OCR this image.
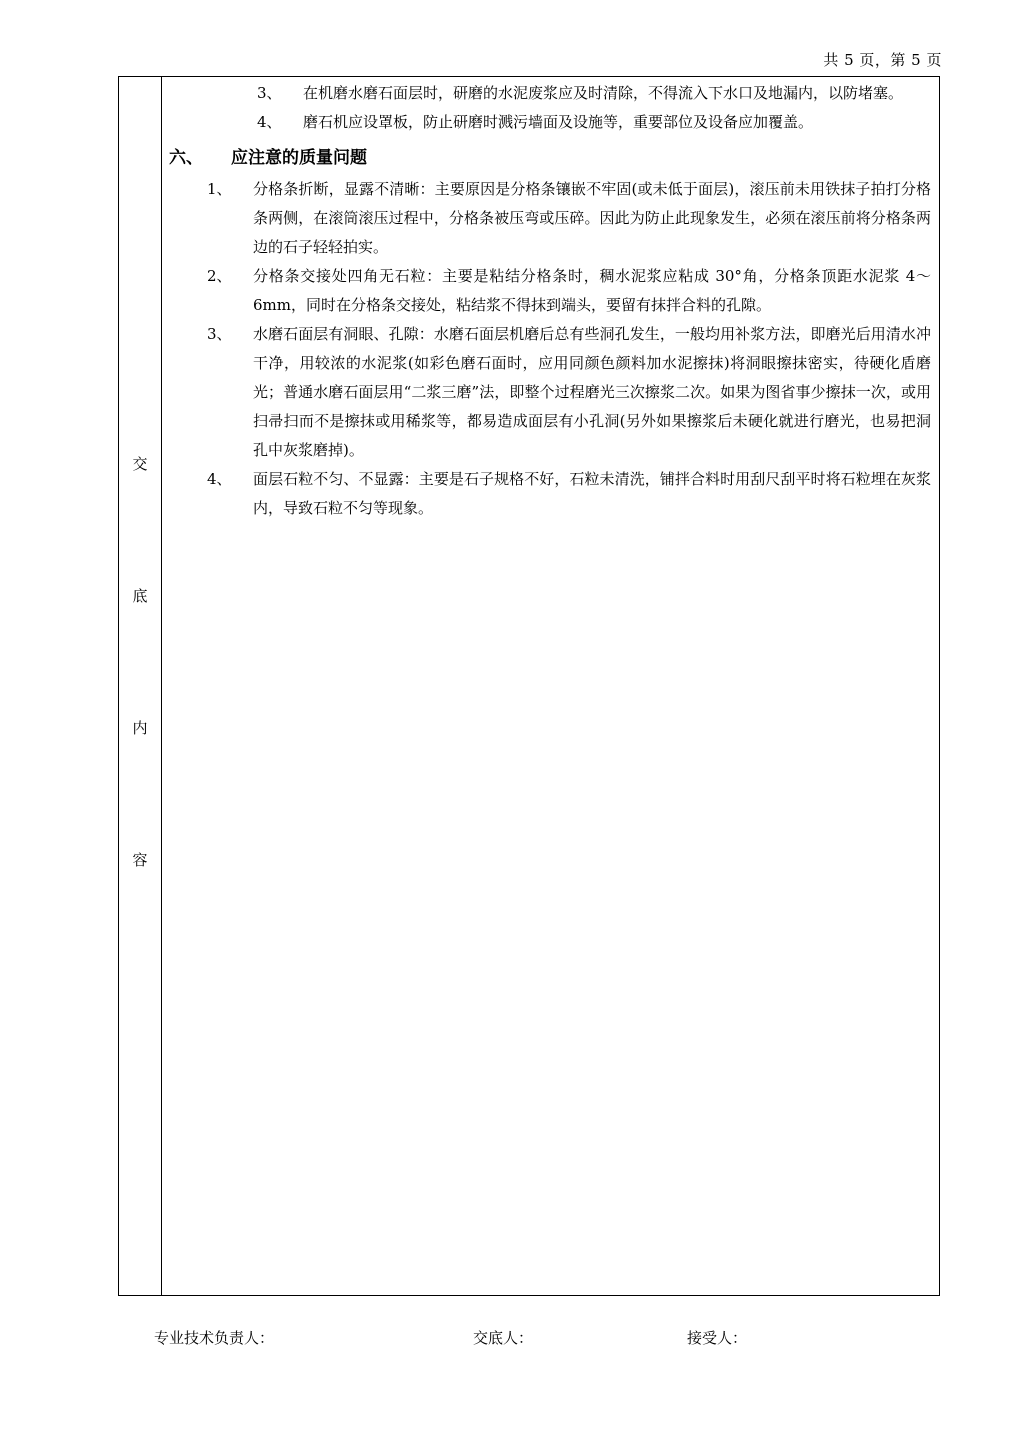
共 5 页，第 5 页
交
底
内
容
3、 在机磨水磨石面层时，研磨的水泥废浆应及时清除，不得流入下水口及地漏内，以防堵塞。
4、 磨石机应设罩板，防止研磨时溅污墙面及设施等，重要部位及设备应加覆盖。
六、 应注意的质量问题
1、 分格条折断，显露不清晰：主要原因是分格条镶嵌不牢固(或未低于面层)，滚压前未用铁抹子拍打分格条两侧，在滚筒滚压过程中，分格条被压弯或压碎。因此为防止此现象发生，必须在滚压前将分格条两边的石子轻轻拍实。
2、 分格条交接处四角无石粒：主要是粘结分格条时，稠水泥浆应粘成 30°角，分格条顶距水泥浆 4～6mm，同时在分格条交接处，粘结浆不得抹到端头，要留有抹拌合料的孔隙。
3、 水磨石面层有洞眼、孔隙：水磨石面层机磨后总有些洞孔发生，一般均用补浆方法，即磨光后用清水冲干净，用较浓的水泥浆(如彩色磨石面时，应用同颜色颜料加水泥擦抹)将洞眼擦抹密实，待硬化盾磨光；普通水磨石面层用“二浆三磨”法，即整个过程磨光三次擦浆二次。如果为图省事少擦抹一次，或用扫帚扫而不是擦抹或用稀浆等，都易造成面层有小孔洞(另外如果擦浆后未硬化就进行磨光，也易把洞孔中灰浆磨掉)。
4、 面层石粒不匀、不显露：主要是石子规格不好，石粒未清洗，铺拌合料时用刮尺刮平时将石粒埋在灰浆内，导致石粒不匀等现象。
专业技术负责人：	交底人：	接受人：
